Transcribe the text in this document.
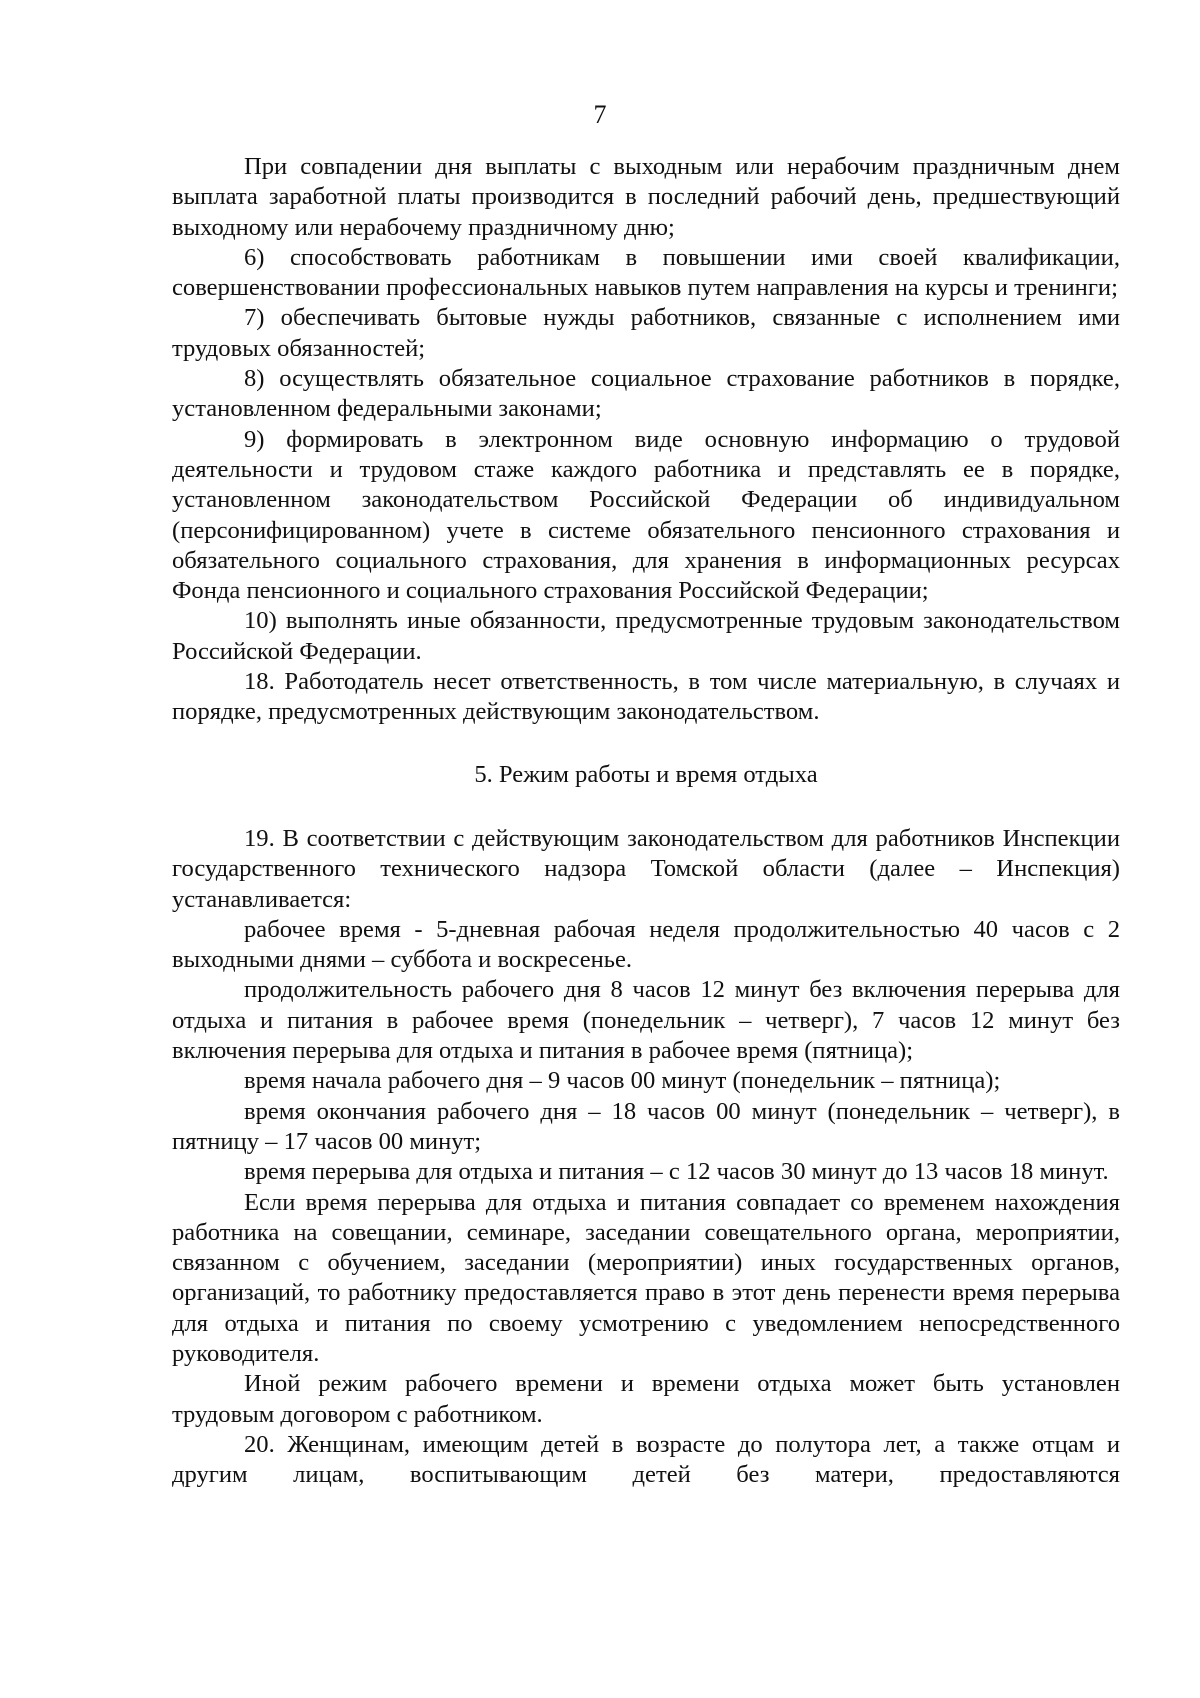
7

При совпадении дня выплаты с выходным или нерабочим праздничным днем выплата заработной платы производится в последний рабочий день, предшествующий выходному или нерабочему праздничному дню;

6) способствовать работникам в повышении ими своей квалификации, совершенствовании профессиональных навыков путем направления на курсы и тренинги;

7) обеспечивать бытовые нужды работников, связанные с исполнением ими трудовых обязанностей;

8) осуществлять обязательное социальное страхование работников в порядке, установленном федеральными законами;

9) формировать в электронном виде основную информацию о трудовой деятельности и трудовом стаже каждого работника и представлять ее в порядке, установленном законодательством Российской Федерации об индивидуальном (персонифицированном) учете в системе обязательного пенсионного страхования и обязательного социального страхования, для хранения в информационных ресурсах Фонда пенсионного и социального страхования Российской Федерации;

10) выполнять иные обязанности, предусмотренные трудовым законодательством Российской Федерации.

18. Работодатель несет ответственность, в том числе материальную, в случаях и порядке, предусмотренных действующим законодательством.

5. Режим работы и время отдыха

19. В соответствии с действующим законодательством для работников Инспекции государственного технического надзора Томской области (далее – Инспекция) устанавливается:

рабочее время - 5-дневная рабочая неделя продолжительностью 40 часов с 2 выходными днями – суббота и воскресенье.

продолжительность рабочего дня 8 часов 12 минут без включения перерыва для отдыха и питания в рабочее время (понедельник – четверг), 7 часов 12 минут без включения перерыва для отдыха и питания в рабочее время (пятница);

время начала рабочего дня – 9 часов 00 минут (понедельник – пятница);

время окончания рабочего дня – 18 часов 00 минут (понедельник – четверг), в пятницу – 17 часов 00 минут;

время перерыва для отдыха и питания – с 12 часов 30 минут до 13 часов 18 минут.

Если время перерыва для отдыха и питания совпадает со временем нахождения работника на совещании, семинаре, заседании совещательного органа, мероприятии, связанном с обучением, заседании (мероприятии) иных государственных органов, организаций, то работнику предоставляется право в этот день перенести время перерыва для отдыха и питания по своему усмотрению с уведомлением непосредственного руководителя.

Иной режим рабочего времени и времени отдыха может быть установлен трудовым договором с работником.

20. Женщинам, имеющим детей в возрасте до полутора лет, а также отцам и другим лицам, воспитывающим детей без матери, предоставляются
